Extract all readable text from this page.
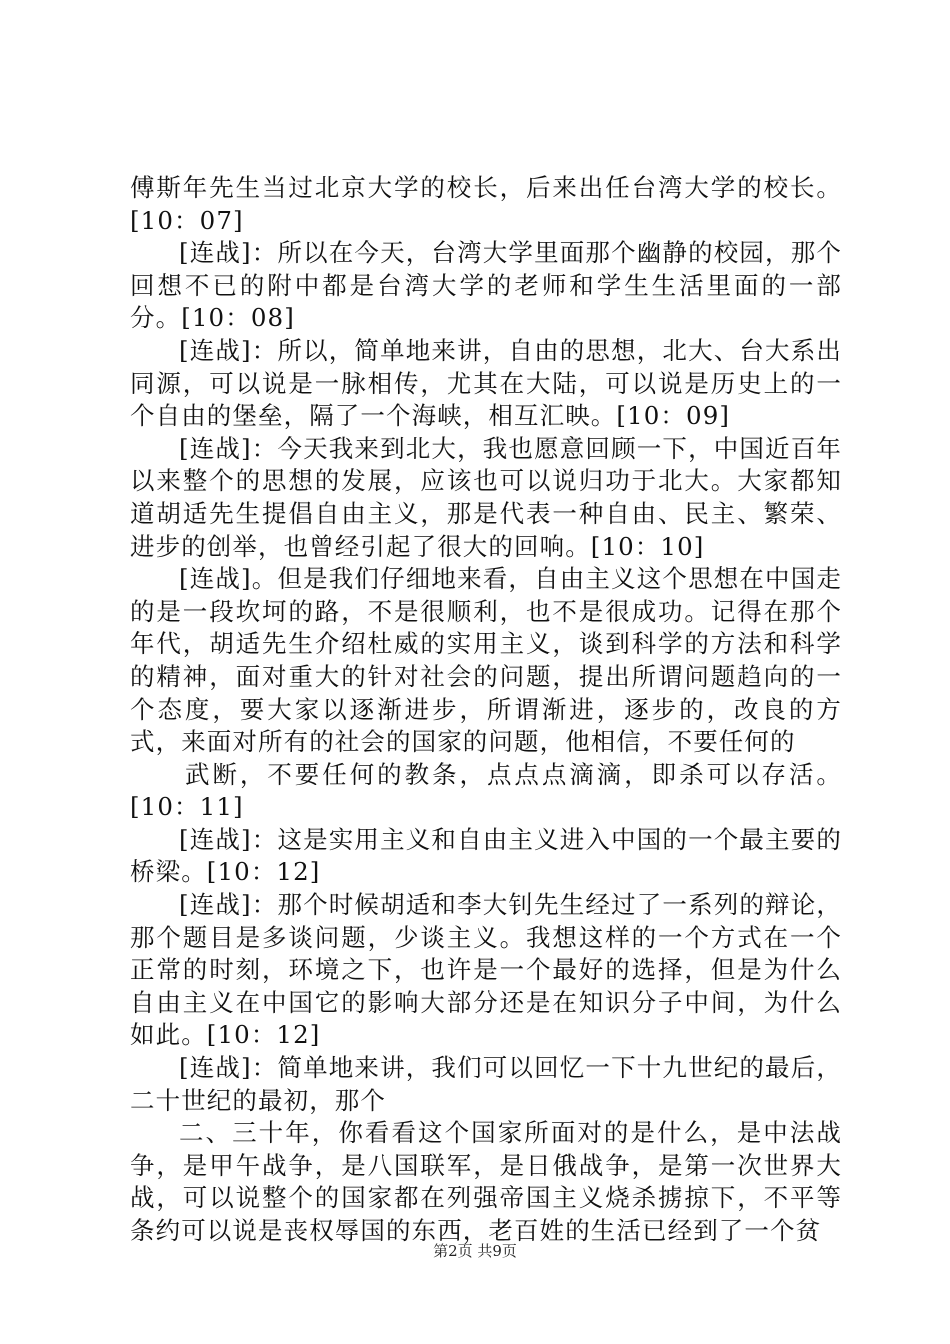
傅斯年先生当过北京大学的校长，后来出任台湾大学的校长。[10：07]

[连战]：所以在今天，台湾大学里面那个幽静的校园，那个回想不已的附中都是台湾大学的老师和学生生活里面的一部分。[10：08]

[连战]：所以，简单地来讲，自由的思想，北大、台大系出同源，可以说是一脉相传，尤其在大陆，可以说是历史上的一个自由的堡垒，隔了一个海峡，相互汇映。[10：09]

[连战]：今天我来到北大，我也愿意回顾一下，中国近百年以来整个的思想的发展，应该也可以说归功于北大。大家都知道胡适先生提倡自由主义，那是代表一种自由、民主、繁荣、进步的创举，也曾经引起了很大的回响。[10：10]

[连战]。但是我们仔细地来看，自由主义这个思想在中国走的是一段坎坷的路，不是很顺利，也不是很成功。记得在那个年代，胡适先生介绍杜威的实用主义，谈到科学的方法和科学的精神，面对重大的针对社会的问题，提出所谓问题趋向的一个态度，要大家以逐渐进步，所谓渐进，逐步的，改良的方式，来面对所有的社会的国家的问题，他相信，不要任何的

武断，不要任何的教条，点点点滴滴，即杀可以存活。[10：11]

[连战]：这是实用主义和自由主义进入中国的一个最主要的桥梁。[10：12]

[连战]：那个时候胡适和李大钊先生经过了一系列的辩论，那个题目是多谈问题，少谈主义。我想这样的一个方式在一个正常的时刻，环境之下，也许是一个最好的选择，但是为什么自由主义在中国它的影响大部分还是在知识分子中间，为什么如此。[10：12]

[连战]：简单地来讲，我们可以回忆一下十九世纪的最后，二十世纪的最初，那个

二、三十年，你看看这个国家所面对的是什么，是中法战争，是甲午战争，是八国联军，是日俄战争，是第一次世界大战，可以说整个的国家都在列强帝国主义烧杀掳掠下，不平等条约可以说是丧权辱国的东西，老百姓的生活已经到了一个贫

第2页 共9页
